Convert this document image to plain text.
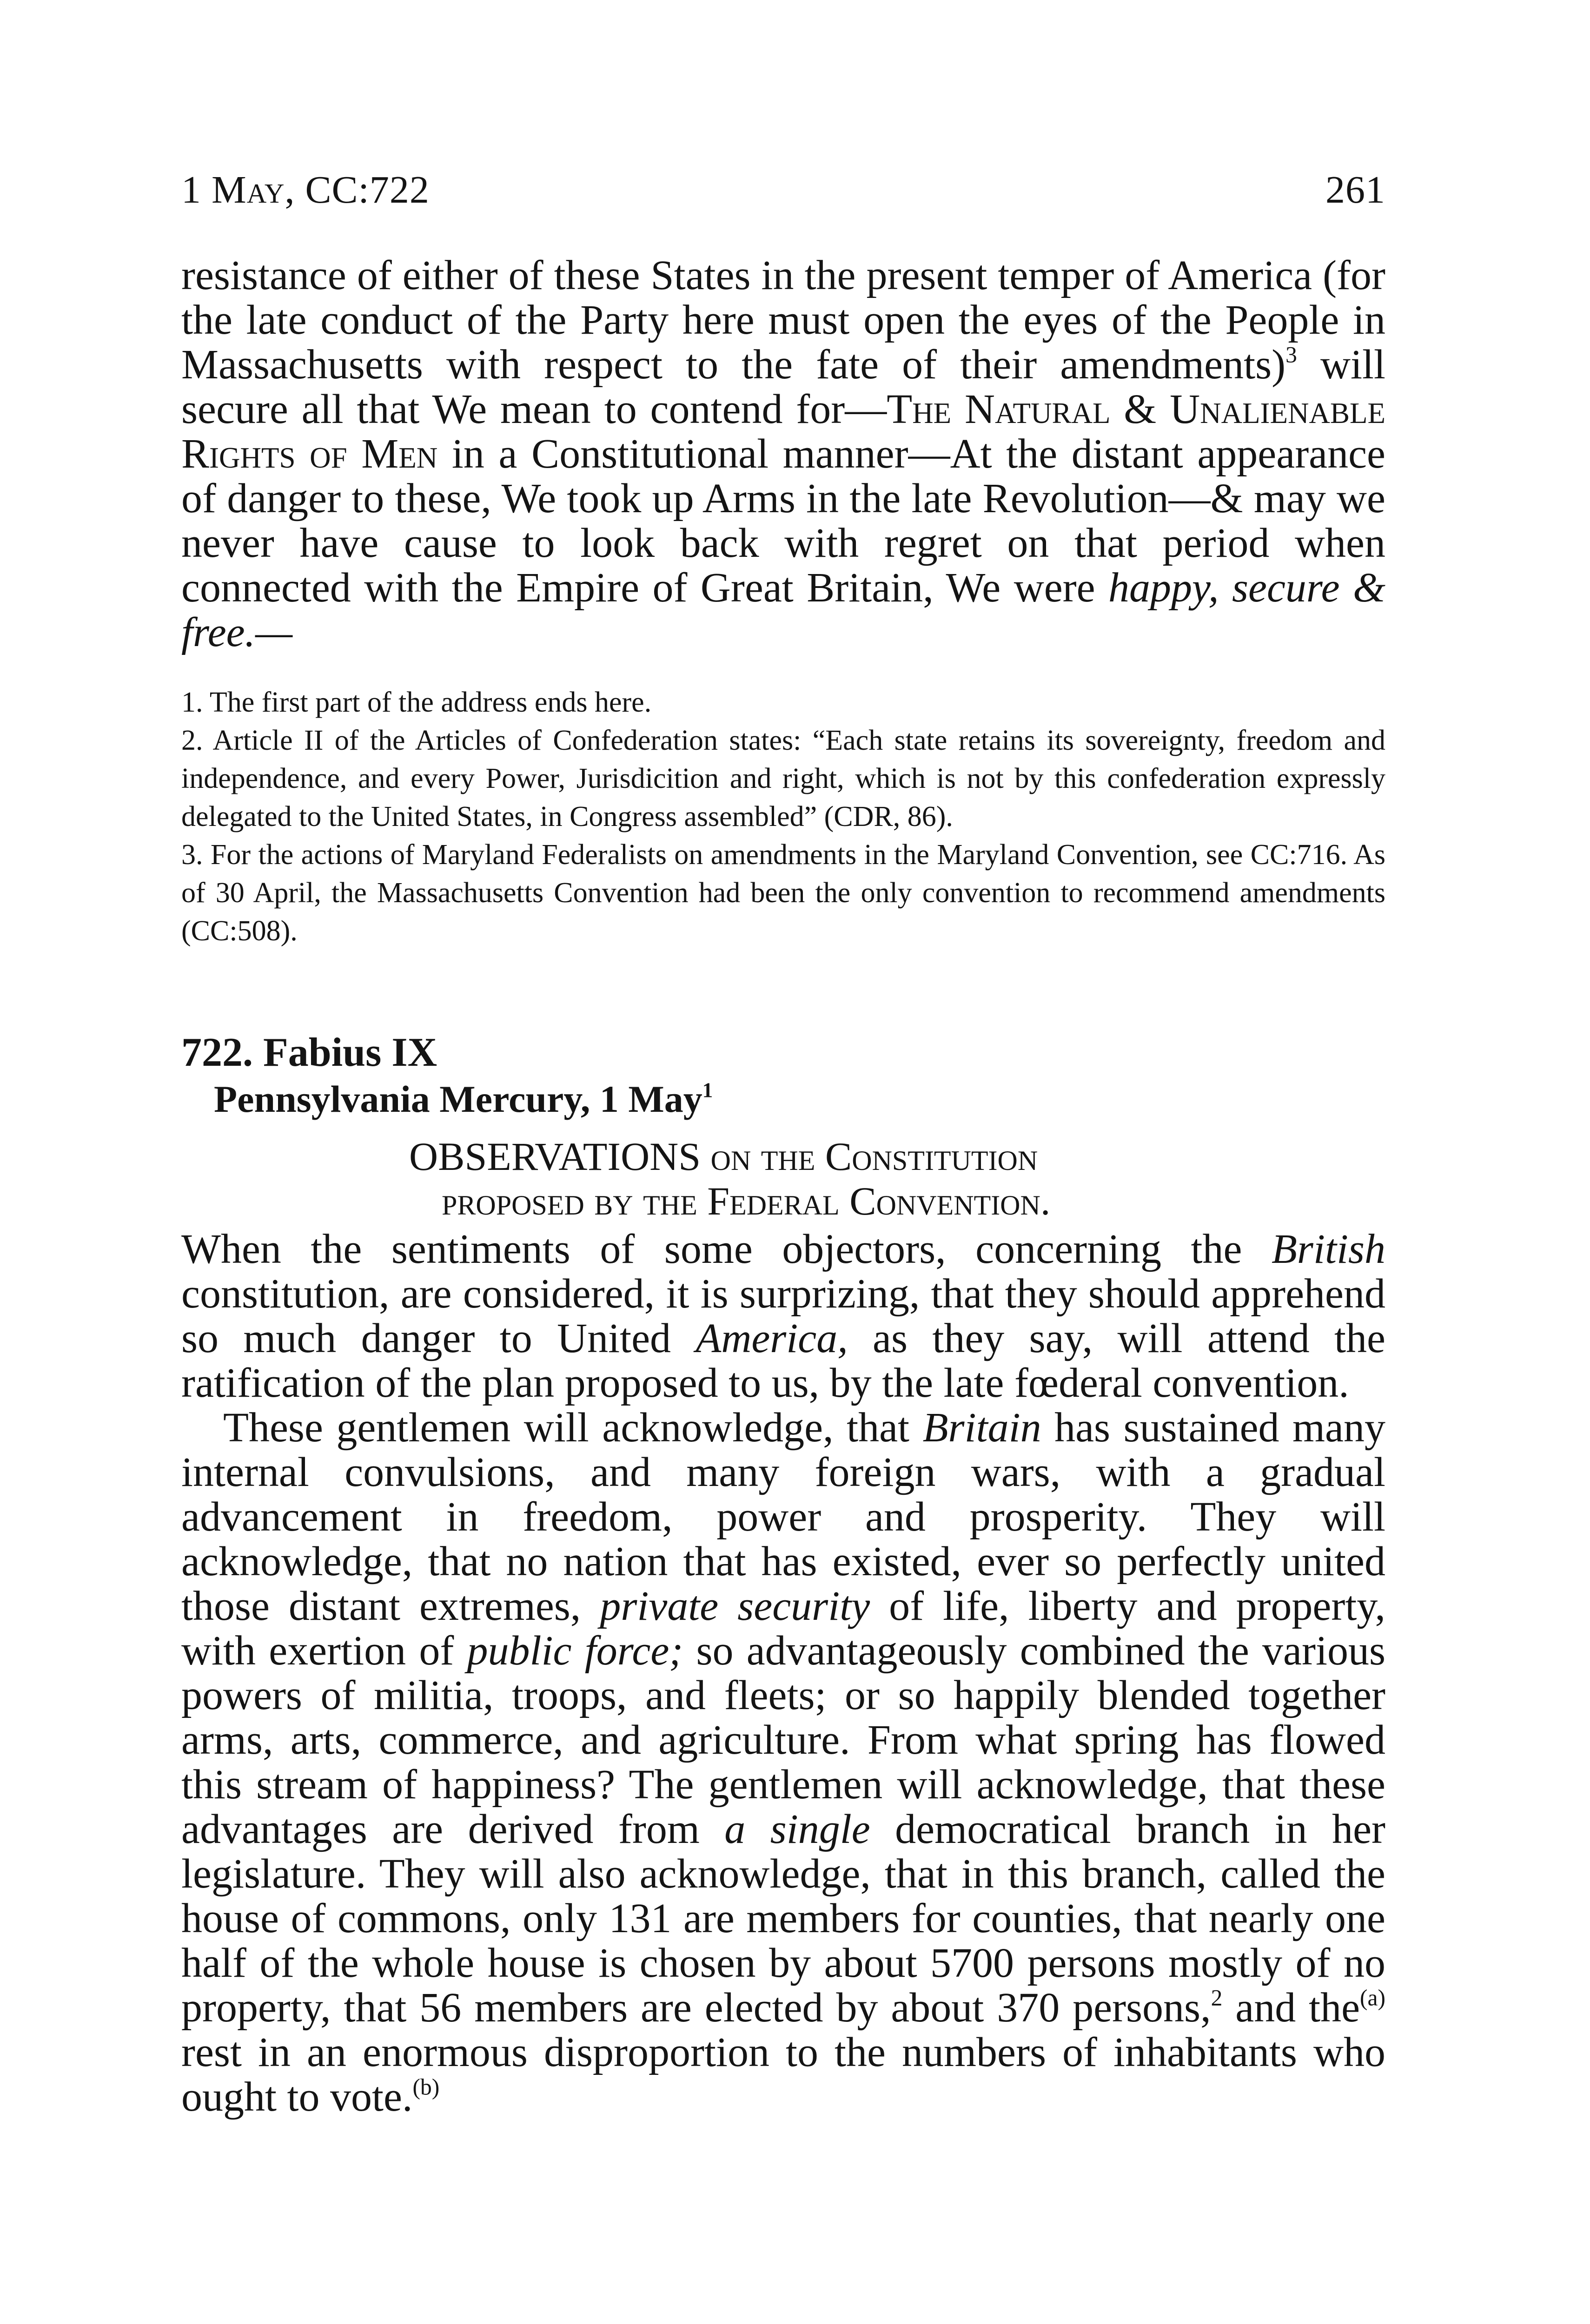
1 May, CC:722	261

resistance of either of these States in the present temper of America (for the late conduct of the Party here must open the eyes of the People in Massachusetts with respect to the fate of their amendments)$^3$ will secure all that We mean to contend for—The Natural & Unalienable Rights of Men in a Constitutional manner—At the distant appearance of danger to these, We took up Arms in the late Revolution—& may we never have cause to look back with regret on that period when connected with the Empire of Great Britain, We were happy, secure & free.—

1. The first part of the address ends here.

2. Article II of the Articles of Confederation states: “Each state retains its sovereignty, freedom and independence, and every Power, Jurisdicition and right, which is not by this confederation expressly delegated to the United States, in Congress assembled” (CDR, 86).

3. For the actions of Maryland Federalists on amendments in the Maryland Convention, see CC:716. As of 30 April, the Massachusetts Convention had been the only convention to recommend amendments (CC:508).

722. Fabius IX
Pennsylvania Mercury, 1 May$^1$
OBSERVATIONS on the Constitution
proposed by the Federal Convention.

When the sentiments of some objectors, concerning the British constitution, are considered, it is surprizing, that they should apprehend so much danger to United America, as they say, will attend the ratification of the plan proposed to us, by the late fœderal convention.

These gentlemen will acknowledge, that Britain has sustained many internal convulsions, and many foreign wars, with a gradual advancement in freedom, power and prosperity. They will acknowledge, that no nation that has existed, ever so perfectly united those distant extremes, private security of life, liberty and property, with exertion of public force; so advantageously combined the various powers of militia, troops, and fleets; or so happily blended together arms, arts, commerce, and agriculture. From what spring has flowed this stream of happiness? The gentlemen will acknowledge, that these advantages are derived from a single democratical branch in her legislature. They will also acknowledge, that in this branch, called the house of commons, only 131 are members for counties, that nearly one half of the whole house is chosen by about 5700 persons mostly of no property, that 56 members are elected by about 370 persons,$^2$ and the$^{(a)}$ rest in an enormous disproportion to the numbers of inhabitants who ought to vote.$^{(b)}$
